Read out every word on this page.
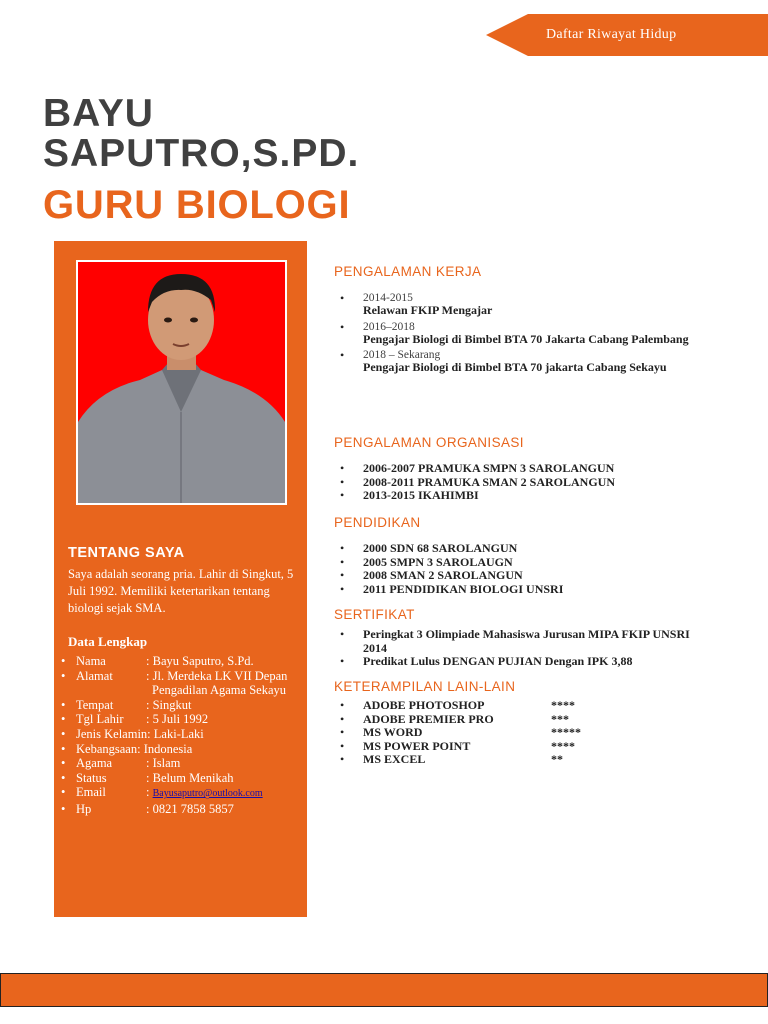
Daftar Riwayat Hidup
BAYU
SAPUTRO,S.PD.
GURU BIOLOGI
TENTANG SAYA
Saya adalah seorang pria. Lahir di Singkut, 5 Juli 1992. Memiliki ketertarikan tentang biologi sejak SMA.
Data Lengkap
• Nama	: Bayu Saputro, S.Pd.
• Alamat	: Jl. Merdeka LK VII Depan Pengadilan Agama Sekayu
• Tempat	: Singkut
• Tgl Lahir	: 5 Juli 1992
• Jenis Kelamin : Laki-Laki
• Kebangsaan : Indonesia
• Agama	: Islam
• Status	: Belum Menikah
• Email	: Bayusaputro@outlook.com
• Hp	: 0821 7858 5857
PENGALAMAN KERJA
• 2014-2015
Relawan FKIP Mengajar
• 2016–2018
Pengajar Biologi di Bimbel BTA 70 Jakarta Cabang Palembang
• 2018 – Sekarang
Pengajar Biologi di Bimbel BTA 70 jakarta Cabang Sekayu
PENGALAMAN ORGANISASI
• 2006-2007 PRAMUKA SMPN 3 SAROLANGUN
• 2008-2011 PRAMUKA SMAN 2 SAROLANGUN
• 2013-2015 IKAHIMBI
PENDIDIKAN
• 2000 SDN 68 SAROLANGUN
• 2005 SMPN 3 SAROLAUGN
• 2008 SMAN 2 SAROLANGUN
• 2011 PENDIDIKAN BIOLOGI UNSRI
SERTIFIKAT
• Peringkat 3 Olimpiade Mahasiswa Jurusan MIPA FKIP UNSRI 2014
• Predikat Lulus DENGAN PUJIAN Dengan IPK 3,88
KETERAMPILAN LAIN-LAIN
• ADOBE PHOTOSHOP	****
• ADOBE PREMIER PRO	***
• MS WORD	*****
• MS POWER POINT	****
• MS EXCEL	**
